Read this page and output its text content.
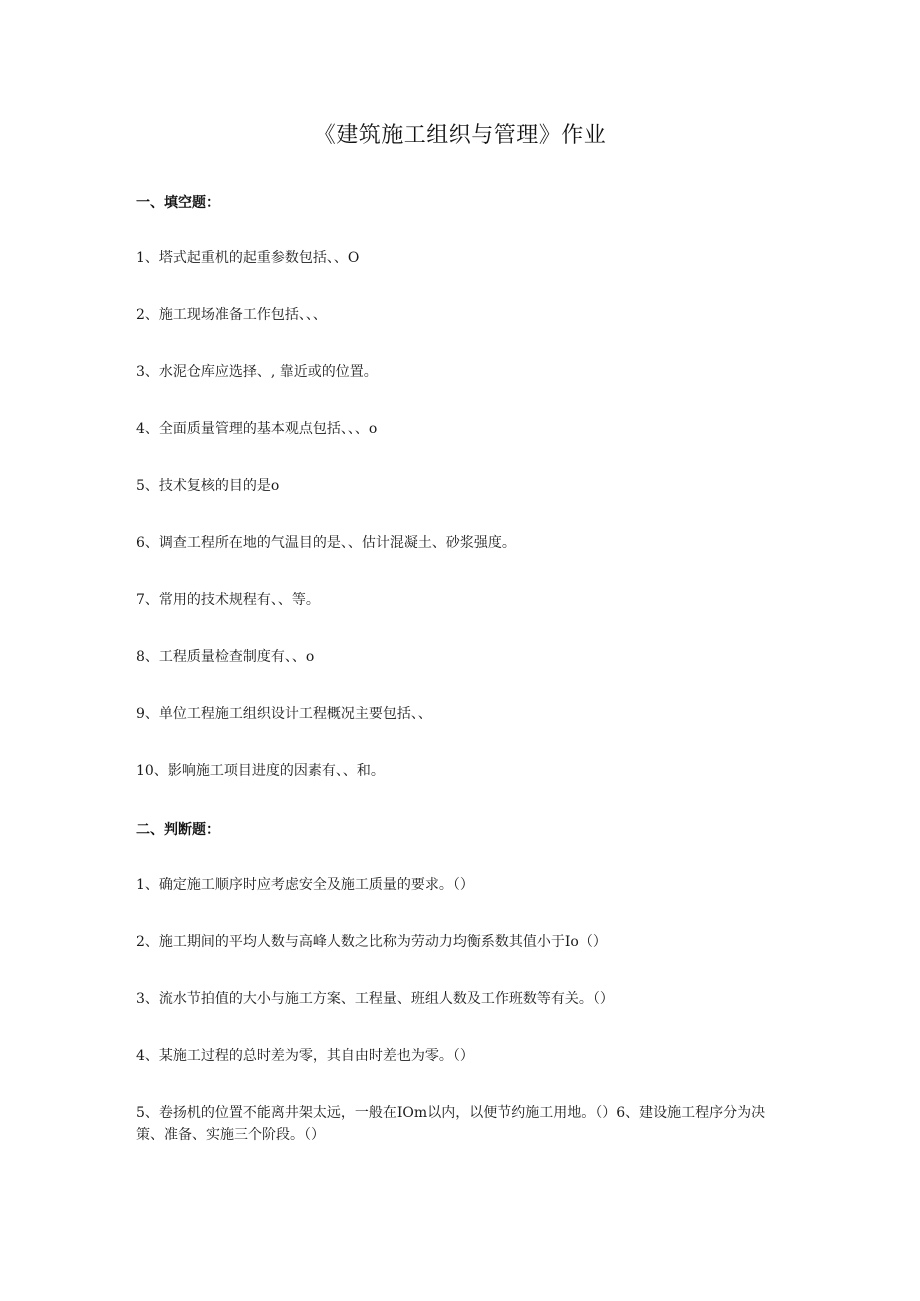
《建筑施工组织与管理》作业
一、填空题：
1、塔式起重机的起重参数包括、、O
2、施工现场准备工作包括、、、
3、水泥仓库应选择、, 靠近或的位置。
4、全面质量管理的基本观点包括、、、o
5、技术复核的目的是o
6、调查工程所在地的气温目的是、、估计混凝土、砂浆强度。
7、常用的技术规程有、、等。
8、工程质量检查制度有、、o
9、单位工程施工组织设计工程概况主要包括、、
10、影响施工项目进度的因素有、、和。
二、判断题：
1、确定施工顺序时应考虑安全及施工质量的要求。（）
2、施工期间的平均人数与高峰人数之比称为劳动力均衡系数其值小于Io（）
3、流水节拍值的大小与施工方案、工程量、班组人数及工作班数等有关。（）
4、某施工过程的总时差为零，其自由时差也为零。（）
5、卷扬机的位置不能离井架太远，一般在IOm以内，以便节约施工用地。（）6、建设施工程序分为决策、准备、实施三个阶段。（）
